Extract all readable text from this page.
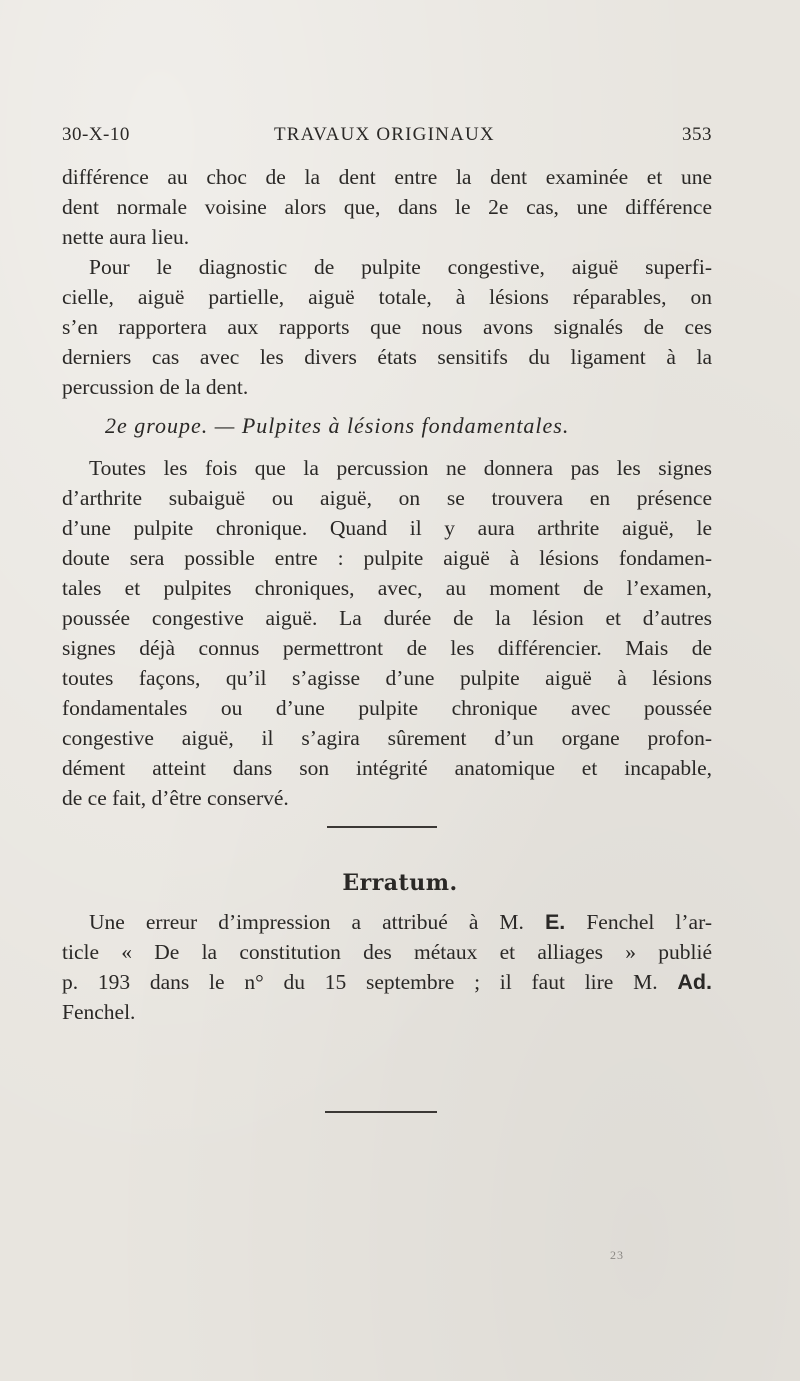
30-X-10	TRAVAUX ORIGINAUX	353
différence au choc de la dent entre la dent examinée et une
dent normale voisine alors que, dans le 2e cas, une différence
nette aura lieu.
Pour le diagnostic de pulpite congestive, aiguë superfi-
cielle, aiguë partielle, aiguë totale, à lésions réparables, on
s’en rapportera aux rapports que nous avons signalés de ces
derniers cas avec les divers états sensitifs du ligament à la
percussion de la dent.
2e groupe. — Pulpites à lésions fondamentales.
Toutes les fois que la percussion ne donnera pas les signes
d’arthrite subaiguë ou aiguë, on se trouvera en présence
d’une pulpite chronique. Quand il y aura arthrite aiguë, le
doute sera possible entre : pulpite aiguë à lésions fondamen-
tales et pulpites chroniques, avec, au moment de l’examen,
poussée congestive aiguë. La durée de la lésion et d’autres
signes déjà connus permettront de les différencier. Mais de
toutes façons, qu’il s’agisse d’une pulpite aiguë à lésions
fondamentales ou d’une pulpite chronique avec poussée
congestive aiguë, il s’agira sûrement d’un organe profon-
dément atteint dans son intégrité anatomique et incapable,
de ce fait, d’être conservé.
Erratum.
Une erreur d’impression a attribué à M. E. Fenchel l’ar-
ticle « De la constitution des métaux et alliages » publié
p. 193 dans le n° du 15 septembre ; il faut lire M. Ad.
Fenchel.
23
